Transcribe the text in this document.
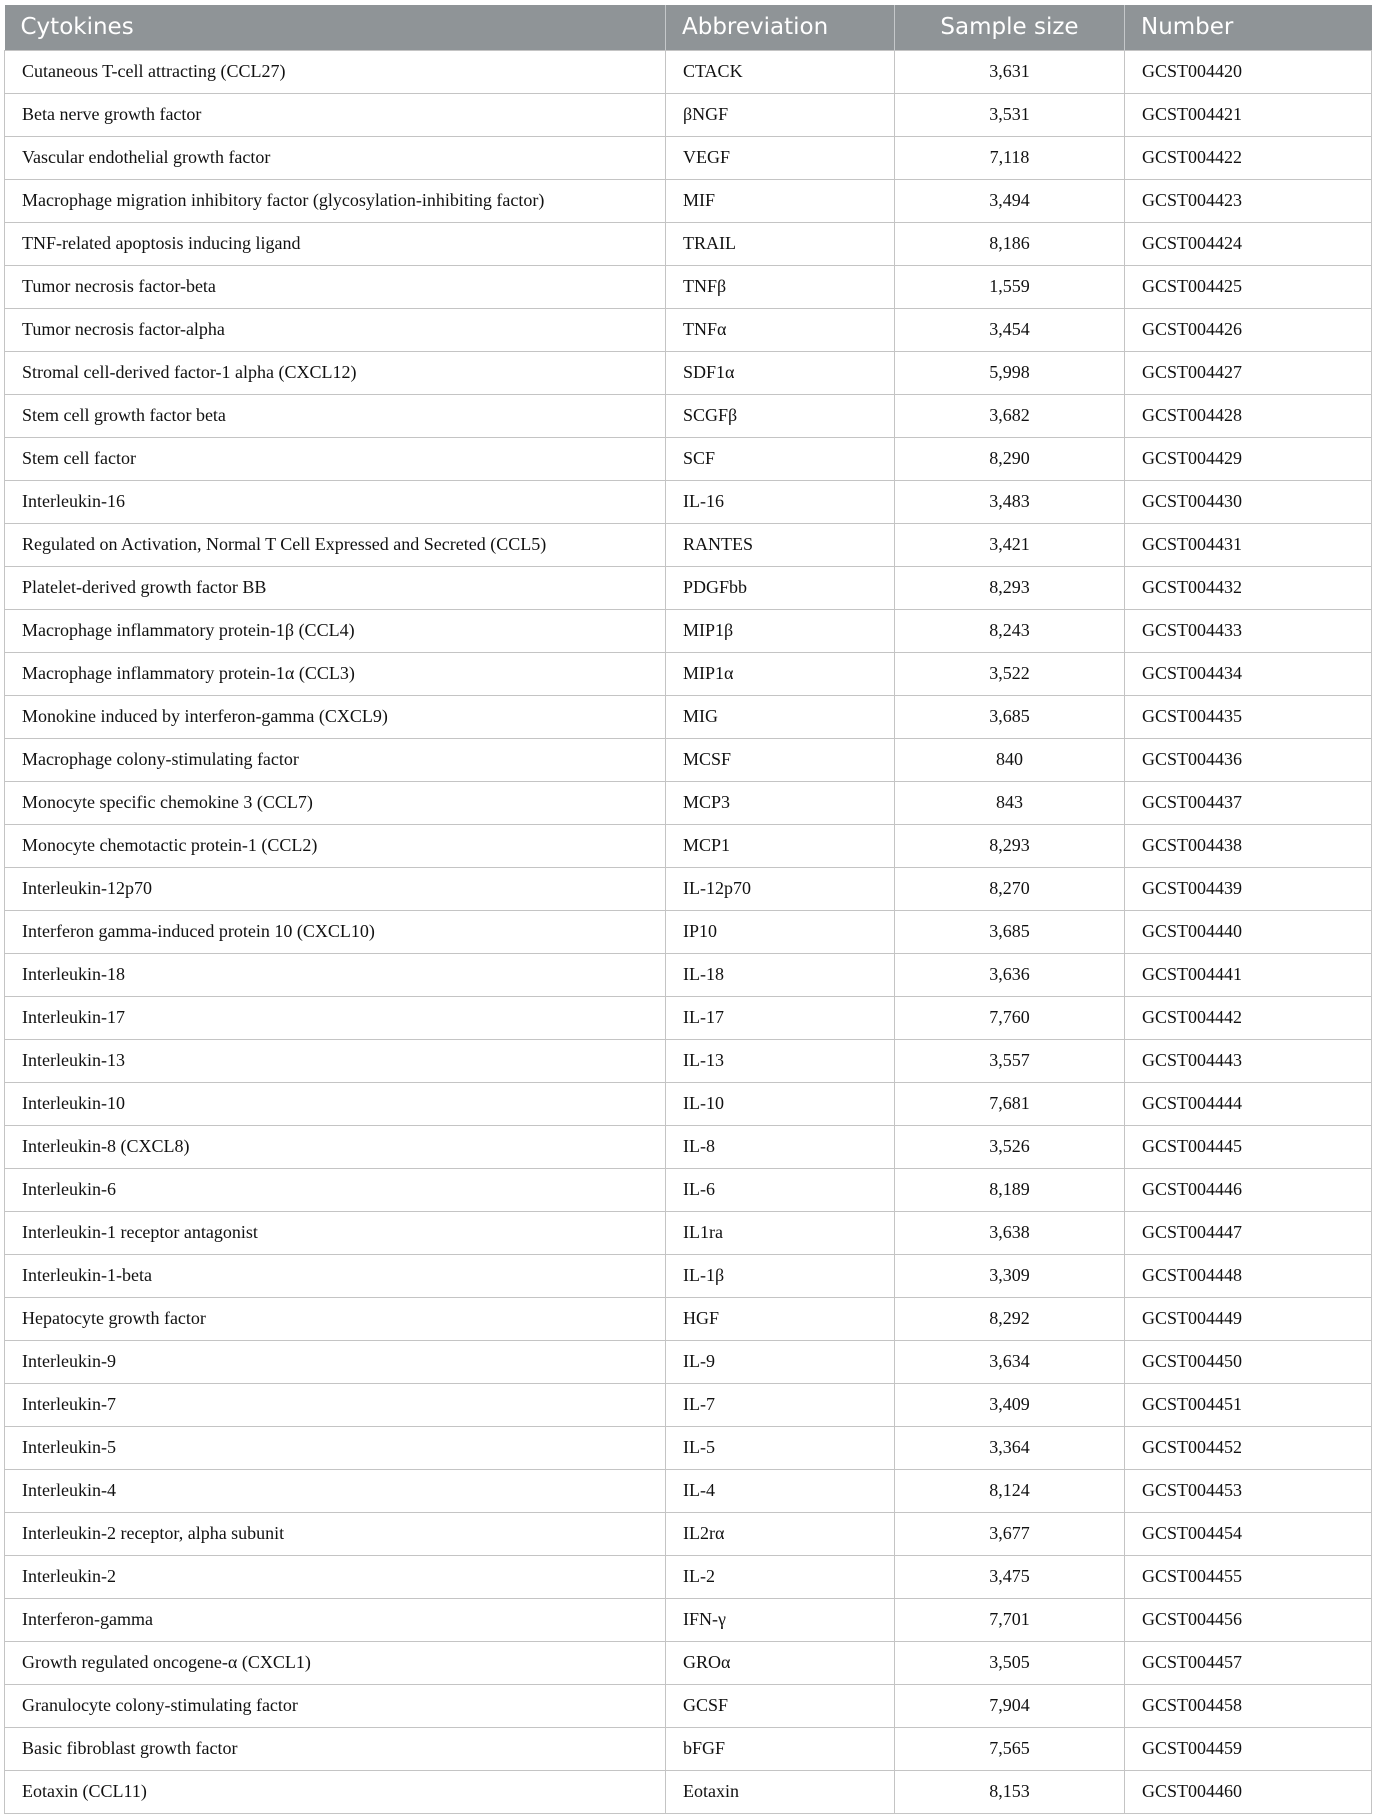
Cytokines	Abbreviation	Sample size	Number
Cutaneous T-cell attracting (CCL27)	CTACK	3,631	GCST004420
Beta nerve growth factor	βNGF	3,531	GCST004421
Vascular endothelial growth factor	VEGF	7,118	GCST004422
Macrophage migration inhibitory factor (glycosylation-inhibiting factor)	MIF	3,494	GCST004423
TNF-related apoptosis inducing ligand	TRAIL	8,186	GCST004424
Tumor necrosis factor-beta	TNFβ	1,559	GCST004425
Tumor necrosis factor-alpha	TNFα	3,454	GCST004426
Stromal cell-derived factor-1 alpha (CXCL12)	SDF1α	5,998	GCST004427
Stem cell growth factor beta	SCGFβ	3,682	GCST004428
Stem cell factor	SCF	8,290	GCST004429
Interleukin-16	IL-16	3,483	GCST004430
Regulated on Activation, Normal T Cell Expressed and Secreted (CCL5)	RANTES	3,421	GCST004431
Platelet-derived growth factor BB	PDGFbb	8,293	GCST004432
Macrophage inflammatory protein-1β (CCL4)	MIP1β	8,243	GCST004433
Macrophage inflammatory protein-1α (CCL3)	MIP1α	3,522	GCST004434
Monokine induced by interferon-gamma (CXCL9)	MIG	3,685	GCST004435
Macrophage colony-stimulating factor	MCSF	840	GCST004436
Monocyte specific chemokine 3 (CCL7)	MCP3	843	GCST004437
Monocyte chemotactic protein-1 (CCL2)	MCP1	8,293	GCST004438
Interleukin-12p70	IL-12p70	8,270	GCST004439
Interferon gamma-induced protein 10 (CXCL10)	IP10	3,685	GCST004440
Interleukin-18	IL-18	3,636	GCST004441
Interleukin-17	IL-17	7,760	GCST004442
Interleukin-13	IL-13	3,557	GCST004443
Interleukin-10	IL-10	7,681	GCST004444
Interleukin-8 (CXCL8)	IL-8	3,526	GCST004445
Interleukin-6	IL-6	8,189	GCST004446
Interleukin-1 receptor antagonist	IL1ra	3,638	GCST004447
Interleukin-1-beta	IL-1β	3,309	GCST004448
Hepatocyte growth factor	HGF	8,292	GCST004449
Interleukin-9	IL-9	3,634	GCST004450
Interleukin-7	IL-7	3,409	GCST004451
Interleukin-5	IL-5	3,364	GCST004452
Interleukin-4	IL-4	8,124	GCST004453
Interleukin-2 receptor, alpha subunit	IL2rα	3,677	GCST004454
Interleukin-2	IL-2	3,475	GCST004455
Interferon-gamma	IFN-γ	7,701	GCST004456
Growth regulated oncogene-α (CXCL1)	GROα	3,505	GCST004457
Granulocyte colony-stimulating factor	GCSF	7,904	GCST004458
Basic fibroblast growth factor	bFGF	7,565	GCST004459
Eotaxin (CCL11)	Eotaxin	8,153	GCST004460
